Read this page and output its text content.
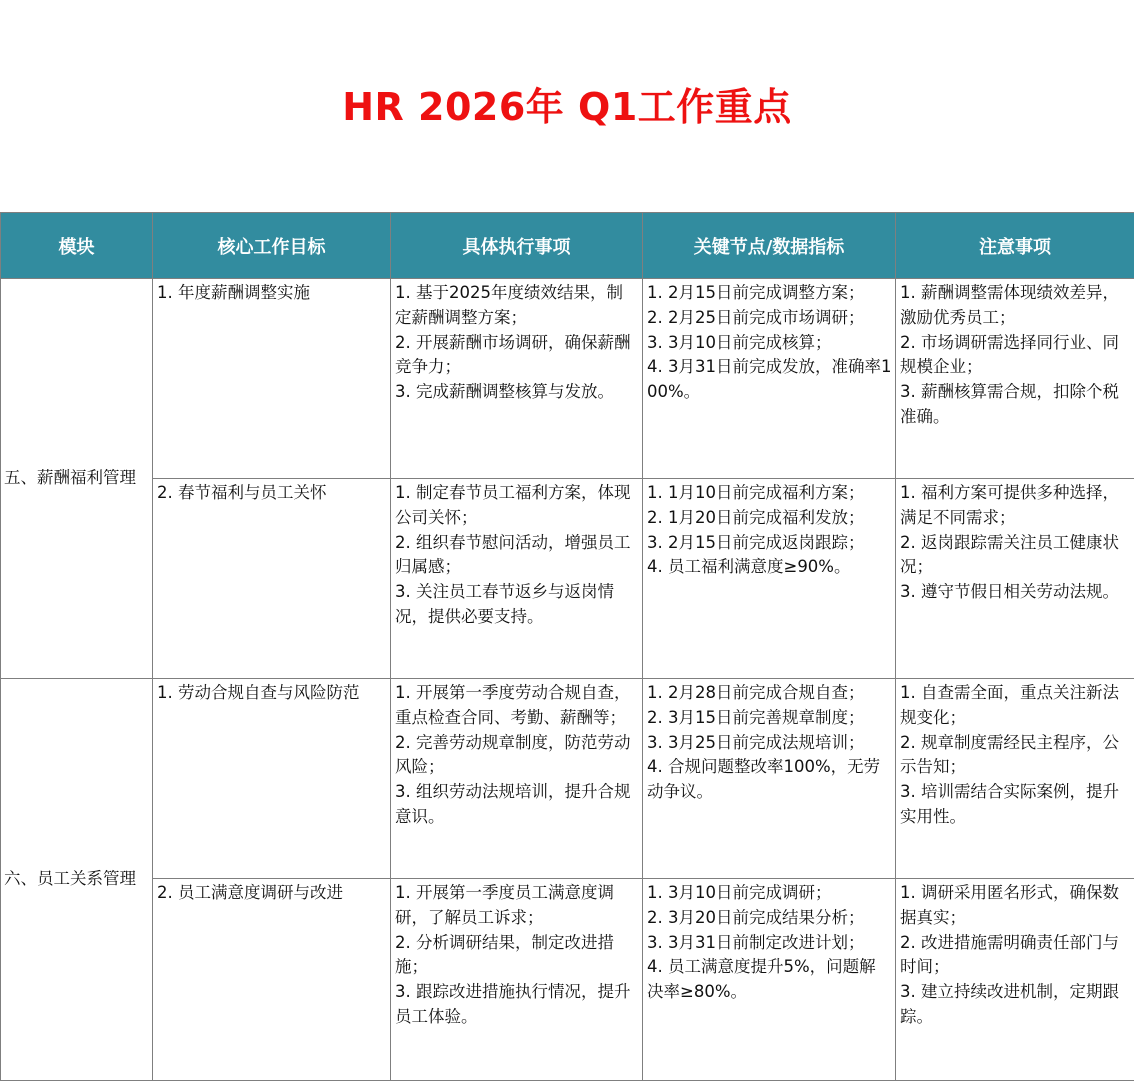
HR 2026年 Q1工作重点
模块	核心工作目标	具体执行事项	关键节点/数据指标	注意事项
五、薪酬福利管理	1. 年度薪酬调整实施	1. 基于2025年度绩效结果，制定薪酬调整方案；
2. 开展薪酬市场调研，确保薪酬竞争力；
3. 完成薪酬调整核算与发放。	1. 2月15日前完成调整方案；
2. 2月25日前完成市场调研；
3. 3月10日前完成核算；
4. 3月31日前完成发放，准确率100%。	1. 薪酬调整需体现绩效差异，激励优秀员工；
2. 市场调研需选择同行业、同规模企业；
3. 薪酬核算需合规，扣除个税准确。

	2. 春节福利与员工关怀	1. 制定春节员工福利方案，体现公司关怀；
2. 组织春节慰问活动，增强员工归属感；
3. 关注员工春节返乡与返岗情况，提供必要支持。	1. 1月10日前完成福利方案；
2. 1月20日前完成福利发放；
3. 2月15日前完成返岗跟踪；
4. 员工福利满意度≥90%。	1. 福利方案可提供多种选择，满足不同需求；
2. 返岗跟踪需关注员工健康状况；
3. 遵守节假日相关劳动法规。

六、员工关系管理	1. 劳动合规自查与风险防范	1. 开展第一季度劳动合规自查，重点检查合同、考勤、薪酬等；
2. 完善劳动规章制度，防范劳动风险；
3. 组织劳动法规培训，提升合规意识。	1. 2月28日前完成合规自查；
2. 3月15日前完善规章制度；
3. 3月25日前完成法规培训；
4. 合规问题整改率100%，无劳动争议。	1. 自查需全面，重点关注新法规变化；
2. 规章制度需经民主程序，公示告知；
3. 培训需结合实际案例，提升实用性。

	2. 员工满意度调研与改进	1. 开展第一季度员工满意度调研，了解员工诉求；
2. 分析调研结果，制定改进措施；
3. 跟踪改进措施执行情况，提升员工体验。	1. 3月10日前完成调研；
2. 3月20日前完成结果分析；
3. 3月31日前制定改进计划；
4. 员工满意度提升5%，问题解决率≥80%。	1. 调研采用匿名形式，确保数据真实；
2. 改进措施需明确责任部门与时间；
3. 建立持续改进机制，定期跟踪。
